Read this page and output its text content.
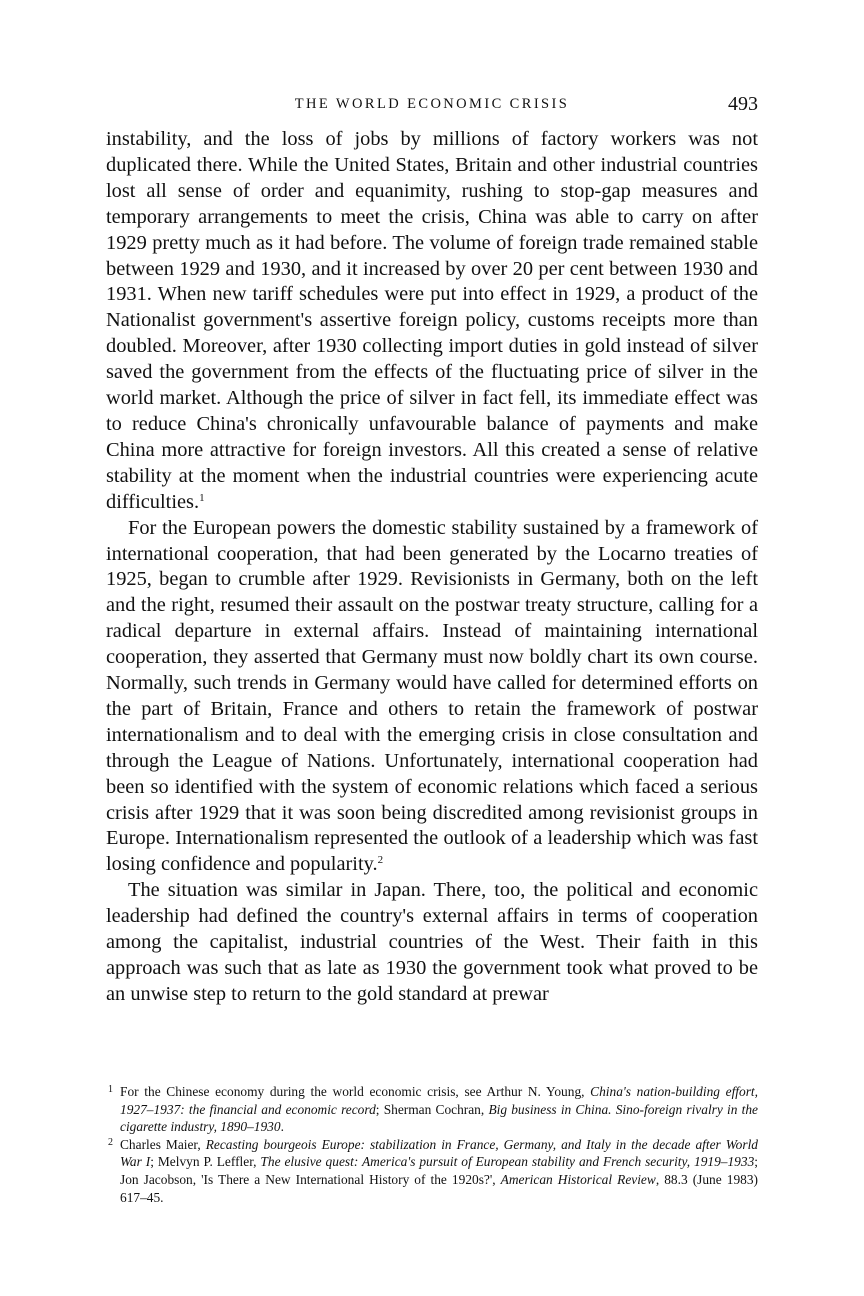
THE WORLD ECONOMIC CRISIS	493

instability, and the loss of jobs by millions of factory workers was not duplicated there. While the United States, Britain and other industrial countries lost all sense of order and equanimity, rushing to stop-gap measures and temporary arrangements to meet the crisis, China was able to carry on after 1929 pretty much as it had before. The volume of foreign trade remained stable between 1929 and 1930, and it increased by over 20 per cent between 1930 and 1931. When new tariff schedules were put into effect in 1929, a product of the Nationalist government's assertive foreign policy, customs receipts more than doubled. Moreover, after 1930 collecting import duties in gold instead of silver saved the government from the effects of the fluctuating price of silver in the world market. Although the price of silver in fact fell, its immediate effect was to reduce China's chronically unfavourable balance of payments and make China more attractive for foreign investors. All this created a sense of relative stability at the moment when the industrial countries were experiencing acute difficulties.$^1$

For the European powers the domestic stability sustained by a framework of international cooperation, that had been generated by the Locarno treaties of 1925, began to crumble after 1929. Revisionists in Germany, both on the left and the right, resumed their assault on the postwar treaty structure, calling for a radical departure in external affairs. Instead of maintaining international cooperation, they asserted that Germany must now boldly chart its own course. Normally, such trends in Germany would have called for determined efforts on the part of Britain, France and others to retain the framework of postwar internationalism and to deal with the emerging crisis in close consultation and through the League of Nations. Unfortunately, international cooperation had been so identified with the system of economic relations which faced a serious crisis after 1929 that it was soon being discredited among revisionist groups in Europe. Internationalism represented the outlook of a leadership which was fast losing confidence and popularity.$^2$

The situation was similar in Japan. There, too, the political and economic leadership had defined the country's external affairs in terms of cooperation among the capitalist, industrial countries of the West. Their faith in this approach was such that as late as 1930 the government took what proved to be an unwise step to return to the gold standard at prewar

1 For the Chinese economy during the world economic crisis, see Arthur N. Young, China's nation-building effort, 1927–1937: the financial and economic record; Sherman Cochran, Big business in China. Sino-foreign rivalry in the cigarette industry, 1890–1930.
2 Charles Maier, Recasting bourgeois Europe: stabilization in France, Germany, and Italy in the decade after World War I; Melvyn P. Leffler, The elusive quest: America's pursuit of European stability and French security, 1919–1933; Jon Jacobson, 'Is There a New International History of the 1920s?', American Historical Review, 88.3 (June 1983) 617–45.
